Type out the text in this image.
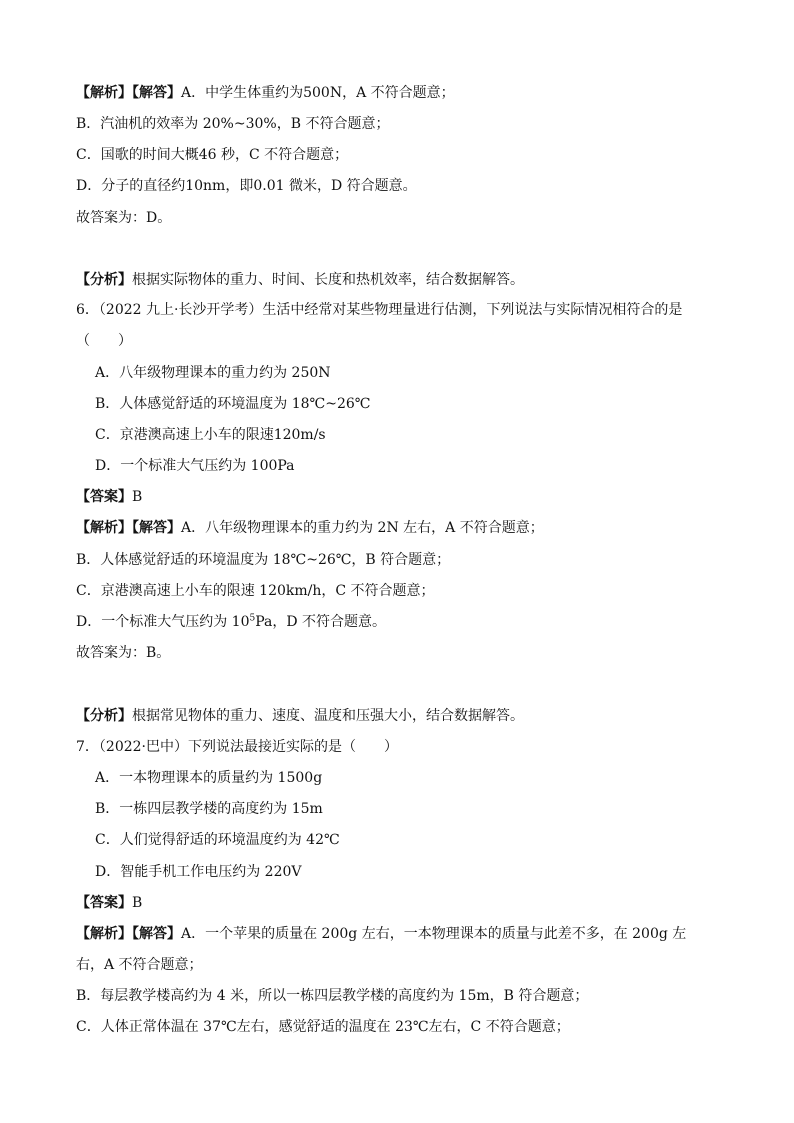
【解析】【解答】A．中学生体重约为500N，A 不符合题意；
B．汽油机的效率为 20%~30%，B 不符合题意；
C．国歌的时间大概46 秒，C 不符合题意；
D．分子的直径约10nm，即0.01 微米，D 符合题意。
故答案为：D。
【分析】根据实际物体的重力、时间、长度和热机效率，结合数据解答。
6．（2022 九上·长沙开学考）生活中经常对某些物理量进行估测，下列说法与实际情况相符合的是
（　　）
A．八年级物理课本的重力约为 250N
B．人体感觉舒适的环境温度为 18℃~26℃
C．京港澳高速上小车的限速120m/s
D．一个标准大气压约为 100Pa
【答案】B
【解析】【解答】A．八年级物理课本的重力约为 2N 左右，A 不符合题意；
B．人体感觉舒适的环境温度为 18℃~26℃，B 符合题意；
C．京港澳高速上小车的限速 120km/h，C 不符合题意；
D．一个标准大气压约为 $10^5Pa$，D 不符合题意。
故答案为：B。
【分析】根据常见物体的重力、速度、温度和压强大小，结合数据解答。
7．（2022·巴中）下列说法最接近实际的是（　　）
A．一本物理课本的质量约为 1500g
B．一栋四层教学楼的高度约为 15m
C．人们觉得舒适的环境温度约为 42℃
D．智能手机工作电压约为 220V
【答案】B
【解析】【解答】A．一个苹果的质量在 200g 左右，一本物理课本的质量与此差不多，在 200g 左
右，A 不符合题意；
B．每层教学楼高约为 4 米，所以一栋四层教学楼的高度约为 15m，B 符合题意；
C．人体正常体温在 37℃左右，感觉舒适的温度在 23℃左右，C 不符合题意；
